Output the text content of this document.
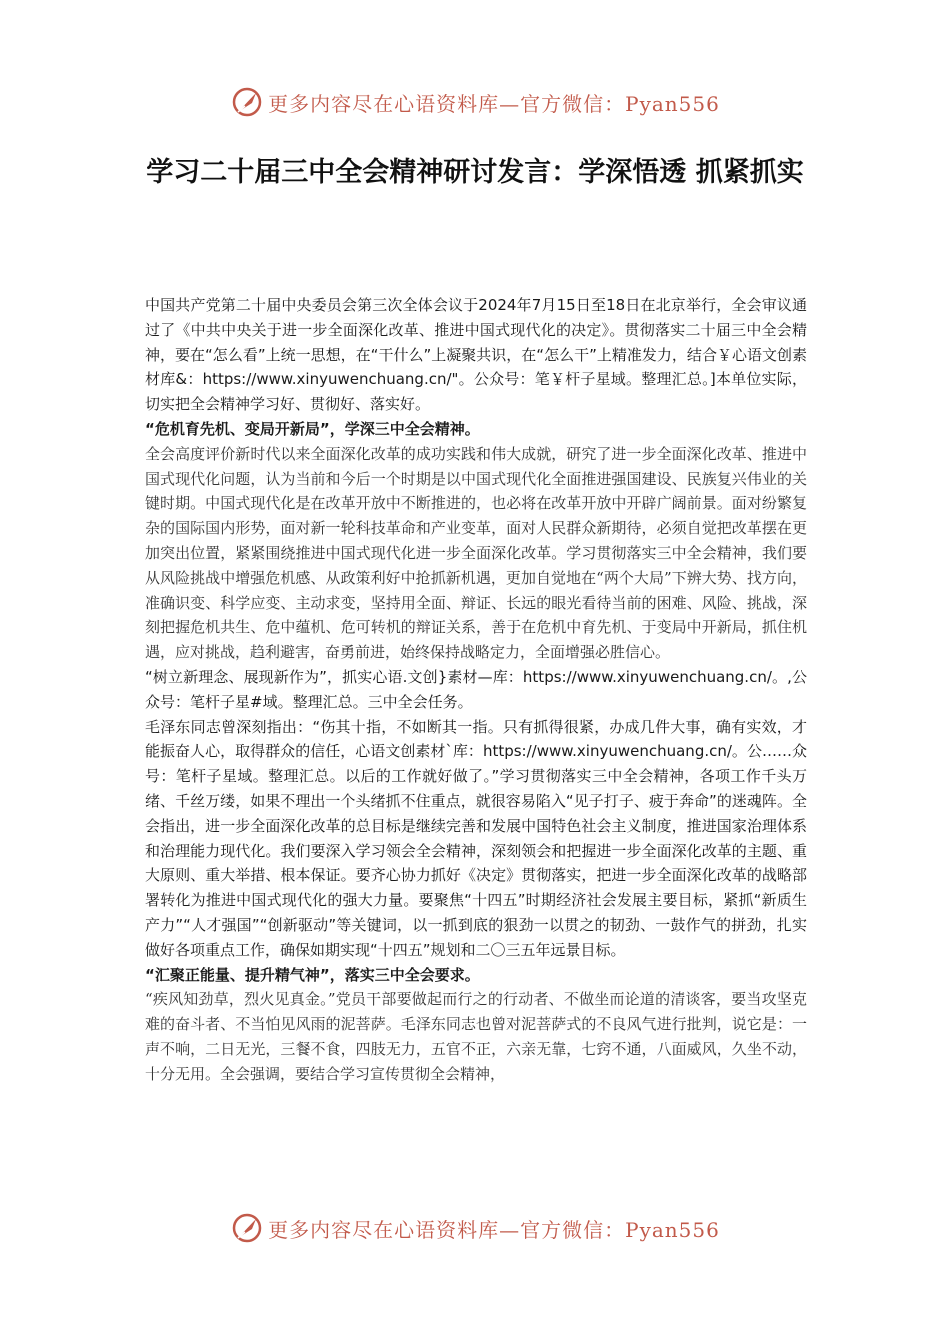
更多内容尽在心语资料库—官方微信：Pyan556
学习二十届三中全会精神研讨发言：学深悟透 抓紧抓实

中国共产党第二十届中央委员会第三次全体会议于2024年7月15日至18日在北京举行，全会审议通过了《中共中央关于进一步全面深化改革、推进中国式现代化的决定》。贯彻落实二十届三中全会精神，要在“怎么看”上统一思想，在“干什么”上凝聚共识，在“怎么干”上精准发力，结合￥心语文创素材库&：https://www.xinyuwenchuang.cn/"。公众号：笔￥杆子星域。整理汇总。]本单位实际，切实把全会精神学习好、贯彻好、落实好。

“危机育先机、变局开新局”，学深三中全会精神。

全会高度评价新时代以来全面深化改革的成功实践和伟大成就，研究了进一步全面深化改革、推进中国式现代化问题，认为当前和今后一个时期是以中国式现代化全面推进强国建设、民族复兴伟业的关键时期。中国式现代化是在改革开放中不断推进的，也必将在改革开放中开辟广阔前景。面对纷繁复杂的国际国内形势，面对新一轮科技革命和产业变革，面对人民群众新期待，必须自觉把改革摆在更加突出位置，紧紧围绕推进中国式现代化进一步全面深化改革。学习贯彻落实三中全会精神，我们要从风险挑战中增强危机感、从政策利好中抢抓新机遇，更加自觉地在“两个大局”下辨大势、找方向，准确识变、科学应变、主动求变，坚持用全面、辩证、长远的眼光看待当前的困难、风险、挑战，深刻把握危机共生、危中蕴机、危可转机的辩证关系，善于在危机中育先机、于变局中开新局，抓住机遇，应对挑战，趋利避害，奋勇前进，始终保持战略定力，全面增强必胜信心。

“树立新理念、展现新作为”，抓实心语.文创}素材—库：https://www.xinyuwenchuang.cn/。,公众号：笔杆子星#域。整理汇总。三中全会任务。

毛泽东同志曾深刻指出：“伤其十指，不如断其一指。只有抓得很紧，办成几件大事，确有实效，才能振奋人心，取得群众的信任，心语文创素材`库：https://www.xinyuwenchuang.cn/。公……众号：笔杆子星域。整理汇总。以后的工作就好做了。”学习贯彻落实三中全会精神，各项工作千头万绪、千丝万缕，如果不理出一个头绪抓不住重点，就很容易陷入“见子打子、疲于奔命”的迷魂阵。全会指出，进一步全面深化改革的总目标是继续完善和发展中国特色社会主义制度，推进国家治理体系和治理能力现代化。我们要深入学习领会全会精神，深刻领会和把握进一步全面深化改革的主题、重大原则、重大举措、根本保证。要齐心协力抓好《决定》贯彻落实，把进一步全面深化改革的战略部署转化为推进中国式现代化的强大力量。要聚焦“十四五”时期经济社会发展主要目标，紧抓“新质生产力”“人才强国”“创新驱动”等关键词，以一抓到底的狠劲一以贯之的韧劲、一鼓作气的拼劲，扎实做好各项重点工作，确保如期实现“十四五”规划和二〇三五年远景目标。

“汇聚正能量、提升精气神”，落实三中全会要求。

“疾风知劲草，烈火见真金。”党员干部要做起而行之的行动者、不做坐而论道的清谈客，要当攻坚克难的奋斗者、不当怕见风雨的泥菩萨。毛泽东同志也曾对泥菩萨式的不良风气进行批判，说它是：一声不响，二日无光，三餐不食，四肢无力，五官不正，六亲无靠，七窍不通，八面威风，久坐不动，十分无用。全会强调，要结合学习宣传贯彻全会精神，

更多内容尽在心语资料库—官方微信：Pyan556
